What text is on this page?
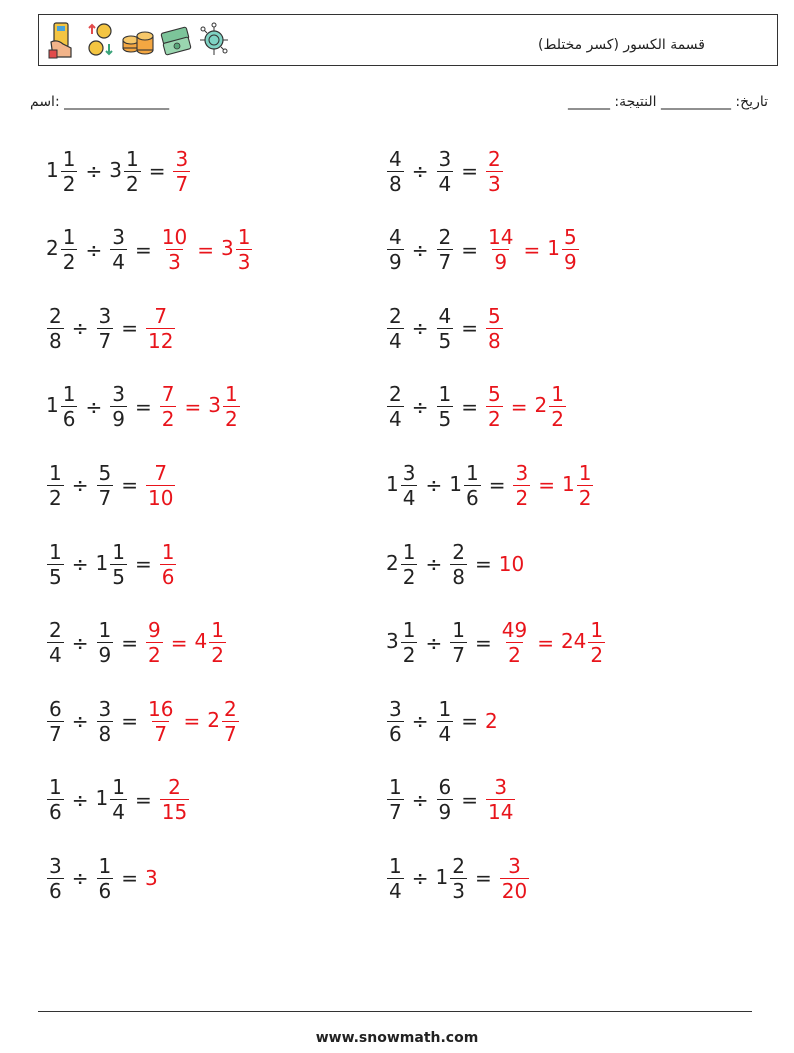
قسمة الكسور (كسر مختلط)
اسم: _______________	______ :تاريخ: __________ النتيجة
$1 \frac{1}{2} \div 3 \frac{1}{2} = \frac{3}{7}$	$\frac{4}{8} \div \frac{3}{4} = \frac{2}{3}$
$2 \frac{1}{2} \div \frac{3}{4} = \frac{10}{3} = 3 \frac{1}{3}$	$\frac{4}{9} \div \frac{2}{7} = \frac{14}{9} = 1 \frac{5}{9}$
$\frac{2}{8} \div \frac{3}{7} = \frac{7}{12}$	$\frac{2}{4} \div \frac{4}{5} = \frac{5}{8}$
$1 \frac{1}{6} \div \frac{3}{9} = \frac{7}{2} = 3 \frac{1}{2}$	$\frac{2}{4} \div \frac{1}{5} = \frac{5}{2} = 2 \frac{1}{2}$
$\frac{1}{2} \div \frac{5}{7} = \frac{7}{10}$	$1 \frac{3}{4} \div 1 \frac{1}{6} = \frac{3}{2} = 1 \frac{1}{2}$
$\frac{1}{5} \div 1 \frac{1}{5} = \frac{1}{6}$	$2 \frac{1}{2} \div \frac{2}{8} = 10$
$\frac{2}{4} \div \frac{1}{9} = \frac{9}{2} = 4 \frac{1}{2}$	$3 \frac{1}{2} \div \frac{1}{7} = \frac{49}{2} = 24 \frac{1}{2}$
$\frac{6}{7} \div \frac{3}{8} = \frac{16}{7} = 2 \frac{2}{7}$	$\frac{3}{6} \div \frac{1}{4} = 2$
$\frac{1}{6} \div 1 \frac{1}{4} = \frac{2}{15}$	$\frac{1}{7} \div \frac{6}{9} = \frac{3}{14}$
$\frac{3}{6} \div \frac{1}{6} = 3$	$\frac{1}{4} \div 1 \frac{2}{3} = \frac{3}{20}$
www.snowmath.com
